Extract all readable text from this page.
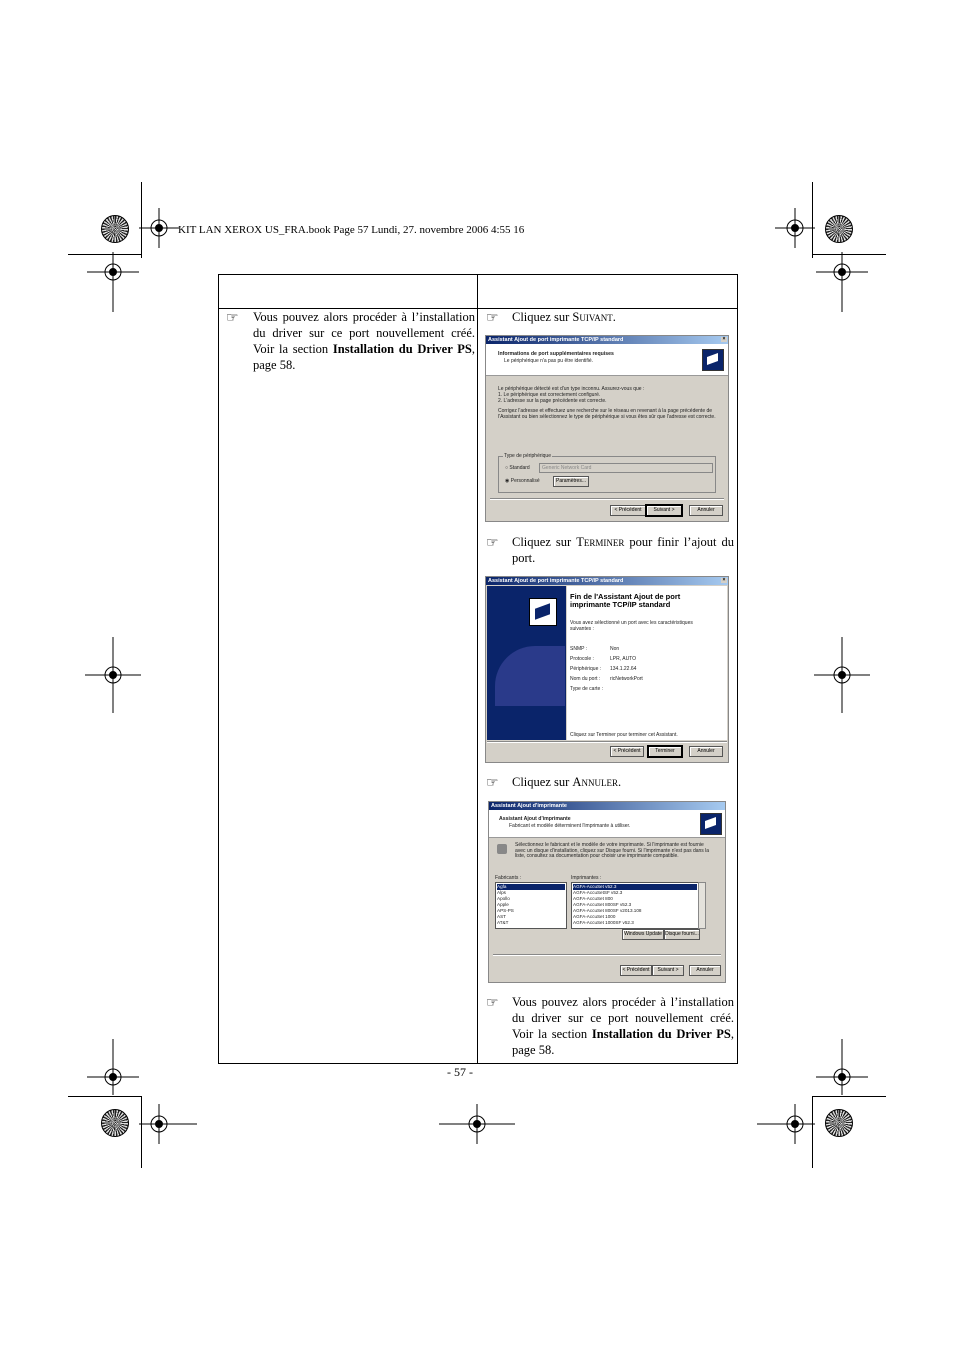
KIT LAN XEROX US_FRA.book Page 57 Lundi, 27. novembre 2006 4:55 16
☞ Vous pouvez alors procéder à l’installation du driver sur ce port nouvellement créé. Voir la section Installation du Driver PS, page 58.
☞ Cliquez sur Suivant.
Assistant Ajout de port imprimante TCP/IP standard	×
Informations de port supplémentaires requises
Le périphérique n'a pas pu être identifié.
Le périphérique détecté est d'un type inconnu. Assurez-vous que :
1. Le périphérique est correctement configuré.
2. L'adresse sur la page précédente est correcte.
Corrigez l'adresse et effectuez une recherche sur le réseau en revenant à la page précédente de l'Assistant ou bien sélectionnez le type de périphérique si vous êtes sûr que l'adresse est correcte.
Type de périphérique
○ Standard	Generic Network Card
◉ Personnalisé	Paramètres...
< Précédent	Suivant >	Annuler
☞ Cliquez sur Terminer pour finir l’ajout du port.
Assistant Ajout de port imprimante TCP/IP standard	×
Fin de l'Assistant Ajout de port imprimante TCP/IP standard
Vous avez sélectionné un port avec les caractéristiques suivantes :
SNMP :	Non
Protocole :	LPR, AUTO
Périphérique : 134.1.22.64
Nom du port : ricNetworkPort
Type de carte :
Cliquez sur Terminer pour terminer cet Assistant.
< Précédent	Terminer	Annuler
☞ Cliquez sur Annuler.
Assistant Ajout d'imprimante
Assistant Ajout d'imprimante
Fabricant et modèle déterminent l'imprimante à utiliser.
Sélectionnez le fabricant et le modèle de votre imprimante. Si l'imprimante est fournie avec un disque d'installation, cliquez sur Disque fourni. Si l'imprimante n'est pas dans la liste, consultez sa documentation pour choisir une imprimante compatible.
Fabricants :	Imprimantes :
Agfa
Alps
Apollo
Apple
APS-PS
AST
AT&T
AGFA-AccuSet v52.3
AGFA-AccuSetSF v52.3
AGFA-AccuSet 800
AGFA-AccuSet 800SF v52.3
AGFA-AccuSet 800SF v2013.108
AGFA-AccuSet 1000
AGFA-AccuSet 1000SF v52.3
Windows Update Disque fourni...
< Précédent	Suivant >	Annuler
☞ Vous pouvez alors procéder à l’installation du driver sur ce port nouvellement créé. Voir la section Installation du Driver PS, page 58.
- 57 -
